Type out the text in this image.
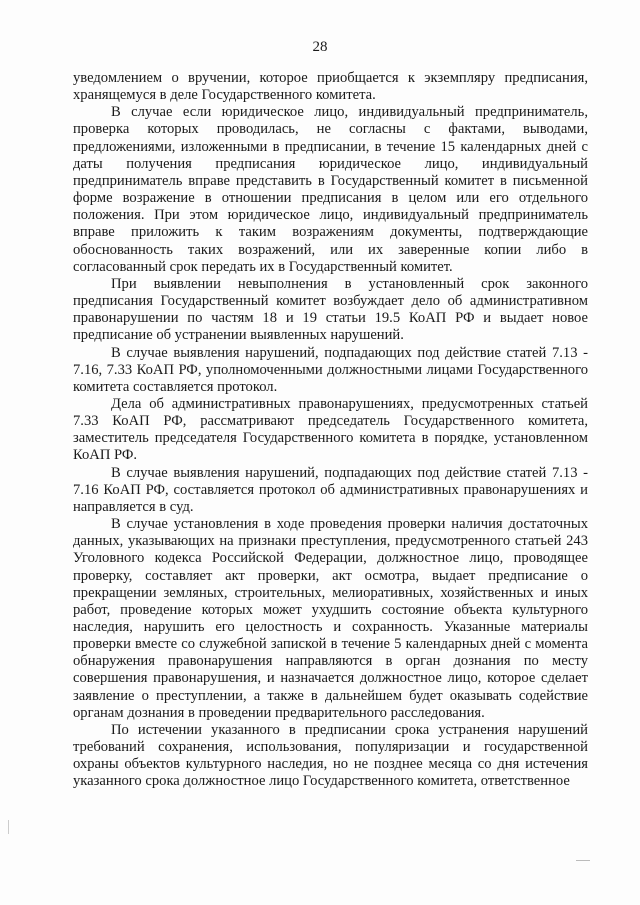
28

уведомлением о вручении, которое приобщается к экземпляру предписания, хранящемуся в деле Государственного комитета.

В случае если юридическое лицо, индивидуальный предприниматель, проверка которых проводилась, не согласны с фактами, выводами, предложениями, изложенными в предписании, в течение 15 календарных дней с даты получения предписания юридическое лицо, индивидуальный предприниматель вправе представить в Государственный комитет в письменной форме возражение в отношении предписания в целом или его отдельного положения. При этом юридическое лицо, индивидуальный предприниматель вправе приложить к таким возражениям документы, подтверждающие обоснованность таких возражений, или их заверенные копии либо в согласованный срок передать их в Государственный комитет.

При выявлении невыполнения в установленный срок законного предписания Государственный комитет возбуждает дело об административном правонарушении по частям 18 и 19 статьи 19.5 КоАП РФ и выдает новое предписание об устранении выявленных нарушений.

В случае выявления нарушений, подпадающих под действие статей 7.13 - 7.16, 7.33 КоАП РФ, уполномоченными должностными лицами Государственного комитета составляется протокол.

Дела об административных правонарушениях, предусмотренных статьей 7.33 КоАП РФ, рассматривают председатель Государственного комитета, заместитель председателя Государственного комитета в порядке, установленном КоАП РФ.

В случае выявления нарушений, подпадающих под действие статей 7.13 - 7.16 КоАП РФ, составляется протокол об административных правонарушениях и направляется в суд.

В случае установления в ходе проведения проверки наличия достаточных данных, указывающих на признаки преступления, предусмотренного статьей 243 Уголовного кодекса Российской Федерации, должностное лицо, проводящее проверку, составляет акт проверки, акт осмотра, выдает предписание о прекращении земляных, строительных, мелиоративных, хозяйственных и иных работ, проведение которых может ухудшить состояние объекта культурного наследия, нарушить его целостность и сохранность. Указанные материалы проверки вместе со служебной запиской в течение 5 календарных дней с момента обнаружения правонарушения направляются в орган дознания по месту совершения правонарушения, и назначается должностное лицо, которое сделает заявление о преступлении, а также в дальнейшем будет оказывать содействие органам дознания в проведении предварительного расследования.

По истечении указанного в предписании срока устранения нарушений требований сохранения, использования, популяризации и государственной охраны объектов культурного наследия, но не позднее месяца со дня истечения указанного срока должностное лицо Государственного комитета, ответственное
